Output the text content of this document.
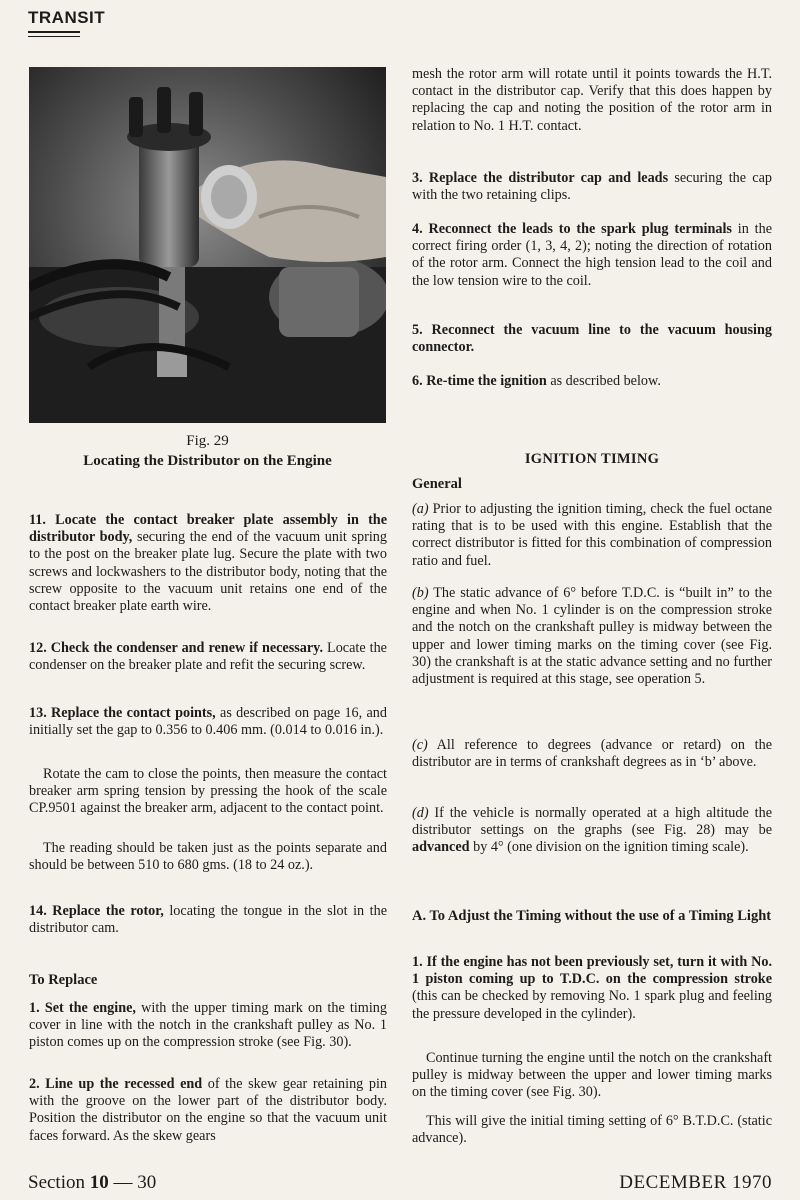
TRANSIT
Fig. 29
Locating the Distributor on the Engine
11. Locate the contact breaker plate assembly in the distributor body, securing the end of the vacuum unit spring to the post on the breaker plate lug. Secure the plate with two screws and lockwashers to the distributor body, noting that the screw opposite to the vacuum unit retains one end of the contact breaker plate earth wire.
12. Check the condenser and renew if necessary. Locate the condenser on the breaker plate and refit the securing screw.
13. Replace the contact points, as described on page 16, and initially set the gap to 0.356 to 0.406 mm. (0.014 to 0.016 in.).
Rotate the cam to close the points, then measure the contact breaker arm spring tension by pressing the hook of the scale CP.9501 against the breaker arm, adjacent to the contact point.
The reading should be taken just as the points separate and should be between 510 to 680 gms. (18 to 24 oz.).
14. Replace the rotor, locating the tongue in the slot in the distributor cam.
To Replace
1. Set the engine, with the upper timing mark on the timing cover in line with the notch in the crankshaft pulley as No. 1 piston comes up on the compression stroke (see Fig. 30).
2. Line up the recessed end of the skew gear retaining pin with the groove on the lower part of the distributor body. Position the distributor on the engine so that the vacuum unit faces forward. As the skew gears
mesh the rotor arm will rotate until it points towards the H.T. contact in the distributor cap. Verify that this does happen by replacing the cap and noting the position of the rotor arm in relation to No. 1 H.T. contact.
3. Replace the distributor cap and leads securing the cap with the two retaining clips.
4. Reconnect the leads to the spark plug terminals in the correct firing order (1, 3, 4, 2); noting the direction of rotation of the rotor arm. Connect the high tension lead to the coil and the low tension wire to the coil.
5. Reconnect the vacuum line to the vacuum housing connector.
6. Re-time the ignition as described below.
IGNITION TIMING
General
(a) Prior to adjusting the ignition timing, check the fuel octane rating that is to be used with this engine. Establish that the correct distributor is fitted for this combination of compression ratio and fuel.
(b) The static advance of 6° before T.D.C. is “built in” to the engine and when No. 1 cylinder is on the compression stroke and the notch on the crankshaft pulley is midway between the upper and lower timing marks on the timing cover (see Fig. 30) the crankshaft is at the static advance setting and no further adjustment is required at this stage, see operation 5.
(c) All reference to degrees (advance or retard) on the distributor are in terms of crankshaft degrees as in ‘b’ above.
(d) If the vehicle is normally operated at a high altitude the distributor settings on the graphs (see Fig. 28) may be advanced by 4° (one division on the ignition timing scale).
A. To Adjust the Timing without the use of a Timing Light
1. If the engine has not been previously set, turn it with No. 1 piston coming up to T.D.C. on the compression stroke (this can be checked by removing No. 1 spark plug and feeling the pressure developed in the cylinder).
Continue turning the engine until the notch on the crankshaft pulley is midway between the upper and lower timing marks on the timing cover (see Fig. 30).
This will give the initial timing setting of 6° B.T.D.C. (static advance).
Section 10 — 30	DECEMBER 1970
